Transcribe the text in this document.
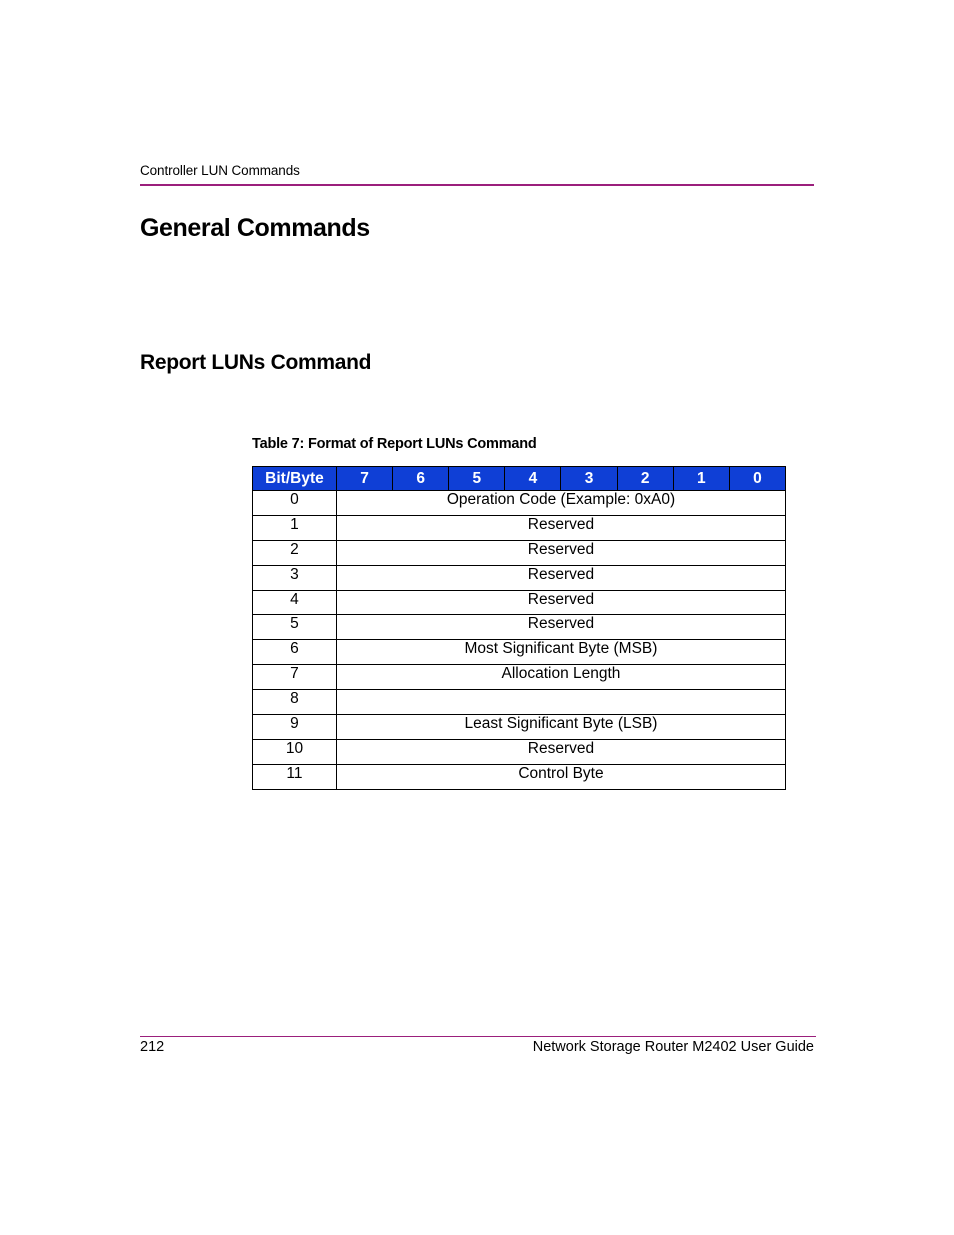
Controller LUN Commands
General Commands
Report LUNs Command
Table 7: Format of Report LUNs Command
Bit/Byte	7	6	5	4	3	2	1	0
0	Operation Code (Example: 0xA0)							
1	Reserved							
2	Reserved							
3	Reserved							
4	Reserved							
5	Reserved							
6	Most Significant Byte (MSB)							
7	Allocation Length							
8								
9	Least Significant Byte (LSB)							
10	Reserved							
11	Control Byte							
212	Network Storage Router M2402 User Guide
